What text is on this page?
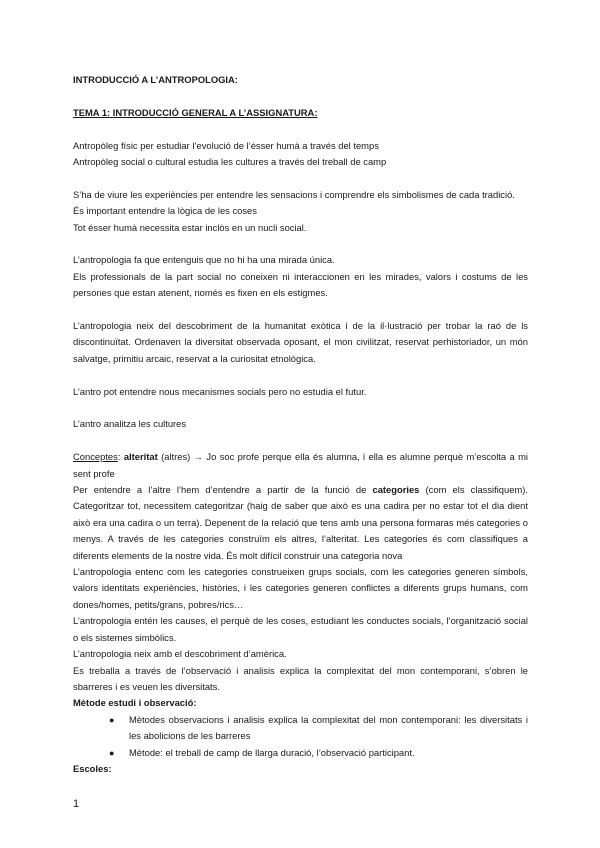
INTRODUCCIÓ A L’ANTROPOLOGIA:

TEMA 1: INTRODUCCIÓ GENERAL A L’ASSIGNATURA:

Antropòleg físic per estudiar l’evolució de l’ésser humà a través del temps

Antropòleg social o cultural estudia les cultures a través del treball de camp

S’ha de viure les experiències per entendre les sensacions i comprendre els simbolismes de cada tradició.

És important entendre la lògica de les coses

Tot ésser humà necessita estar inclòs en un nucli social.

L’antropologia fa que entenguis que no hi ha una mirada única.

Els professionals de la part social no coneixen ni interaccionen en les mirades, valors i costums de les persones que estan atenent, només es fixen en els estigmes.

L’antropologia neix del descobriment de la humanitat exòtica i de la il·lustració per trobar la raó de ls discontinuïtat. Ordenaven la diversitat observada oposant, el mon civilitzat, reservat perhistoriador, un món salvatge, primitiu arcaic, reservat a la curiositat etnològica.

L’antro pot entendre nous mecanismes socials pero no estudia el futur.

L’antro analitza les cultures

Conceptes: alteritat (altres) → Jo soc profe perque ella és alumna, i ella es alumne perquè m’escolta a mi sent profe

Per entendre a l’altre l’hem d’entendre a partir de la funció de categories (com els classifiquem). Categoritzar tot, necessitem categoritzar (haig de saber que això es una cadira per no estar tot el dia dient això era una cadira o un terra). Depenent de la relació que tens amb una persona formaras més categories o menys. A través de les categories construïm els altres, l’alteritat. Les categories és com classifiques a diferents elements de la nostre vida. És molt difícil construir una categoria nova

L’antropologia entenc com les categories construeixen grups socials, com les categories generen símbols, valors identitats experiències, històries, i les categories generen conflictes a diferents grups humans, com dones/homes, petits/grans, pobres/rics…

L’antropologia entén les causes, el perquè de les coses, estudiant les conductes socials, l’organització social o els sistemes simbòlics.

L’antropologia neix amb el descobriment d’amèrica.

Es treballa a través de l’observació i analisis explica la complexitat del mon contemporani, s’obren le sbarreres i es veuen les diversitats.

Mètode estudi i observació:

● Mètodes observacions i analisis explica la complexitat del mon contemporani: les diversitats i les abolicions de les barreres
● Mètode: el treball de camp de llarga duració, l’observació participant.

Escoles:

1
